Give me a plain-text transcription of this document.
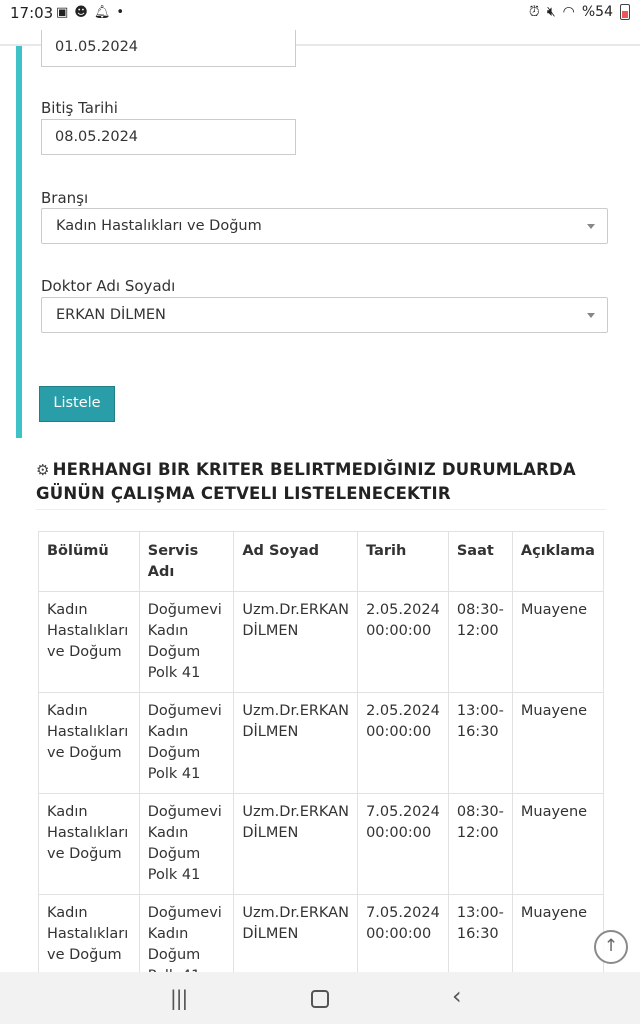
17:03 ▣ ☻ 🔔︎ •	⏰︎ 🔇︎ ◠ %54
01.05.2024
Bitiş Tarihi
08.05.2024
Branşı
Kadın Hastalıkları ve Doğum
Doktor Adı Soyadı
ERKAN DİLMEN
Listele
⚙ HERHANGI BIR KRITER BELIRTMEDIĞINIZ DURUMLARDA GÜNÜN ÇALIŞMA CETVELI LISTELENECEKTIR
Bölümü	Servis Adı	Ad Soyad	Tarih	Saat	Açıklama
Kadın Hastalıkları ve Doğum	Doğumevi Kadın Doğum Polk 41	Uzm.Dr.ERKAN DİLMEN	2.05.2024 00:00:00	08:30-12:00	Muayene
Kadın Hastalıkları ve Doğum	Doğumevi Kadın Doğum Polk 41	Uzm.Dr.ERKAN DİLMEN	2.05.2024 00:00:00	13:00-16:30	Muayene
Kadın Hastalıkları ve Doğum	Doğumevi Kadın Doğum Polk 41	Uzm.Dr.ERKAN DİLMEN	7.05.2024 00:00:00	08:30-12:00	Muayene
Kadın Hastalıkları ve Doğum	Doğumevi Kadın Doğum	Uzm.Dr.ERKAN DİLMEN	7.05.2024 00:00:00	13:00-16:30	Muayene
↑
|||	‹
